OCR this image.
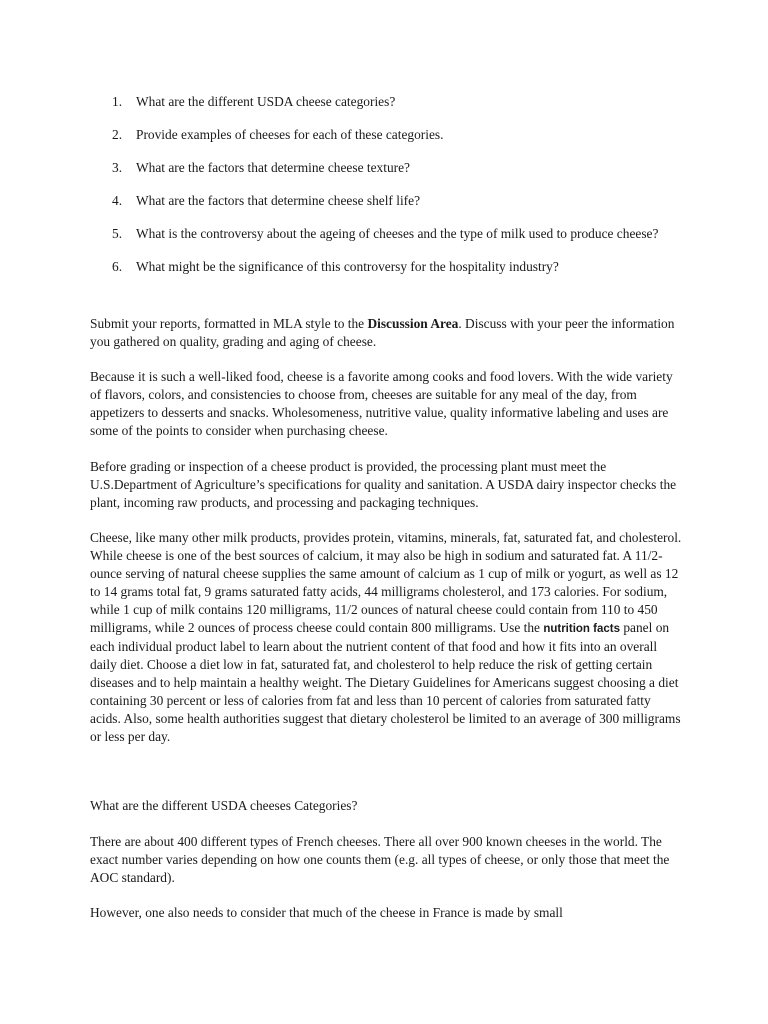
1. What are the different USDA cheese categories?
2. Provide examples of cheeses for each of these categories.
3. What are the factors that determine cheese texture?
4. What are the factors that determine cheese shelf life?
5. What is the controversy about the ageing of cheeses and the type of milk used to produce cheese?
6. What might be the significance of this controversy for the hospitality industry?

Submit your reports, formatted in MLA style to the Discussion Area. Discuss with your peer the information you gathered on quality, grading and aging of cheese.

Because it is such a well-liked food, cheese is a favorite among cooks and food lovers. With the wide variety of flavors, colors, and consistencies to choose from, cheeses are suitable for any meal of the day, from appetizers to desserts and snacks. Wholesomeness, nutritive value, quality informative labeling and uses are some of the points to consider when purchasing cheese.

Before grading or inspection of a cheese product is provided, the processing plant must meet the U.S.Department of Agriculture’s specifications for quality and sanitation. A USDA dairy inspector checks the plant, incoming raw products, and processing and packaging techniques.

Cheese, like many other milk products, provides protein, vitamins, minerals, fat, saturated fat, and cholesterol. While cheese is one of the best sources of calcium, it may also be high in sodium and saturated fat. A 11/2-ounce serving of natural cheese supplies the same amount of calcium as 1 cup of milk or yogurt, as well as 12 to 14 grams total fat, 9 grams saturated fatty acids, 44 milligrams cholesterol, and 173 calories. For sodium, while 1 cup of milk contains 120 milligrams, 11/2 ounces of natural cheese could contain from 110 to 450 milligrams, while 2 ounces of process cheese could contain 800 milligrams. Use the nutrition facts panel on each individual product label to learn about the nutrient content of that food and how it fits into an overall daily diet. Choose a diet low in fat, saturated fat, and cholesterol to help reduce the risk of getting certain diseases and to help maintain a healthy weight. The Dietary Guidelines for Americans suggest choosing a diet containing 30 percent or less of calories from fat and less than 10 percent of calories from saturated fatty acids. Also, some health authorities suggest that dietary cholesterol be limited to an average of 300 milligrams or less per day.

What are the different USDA cheeses Categories?

There are about 400 different types of French cheeses. There all over 900 known cheeses in the world. The exact number varies depending on how one counts them (e.g. all types of cheese, or only those that meet the AOC standard).

However, one also needs to consider that much of the cheese in France is made by small
